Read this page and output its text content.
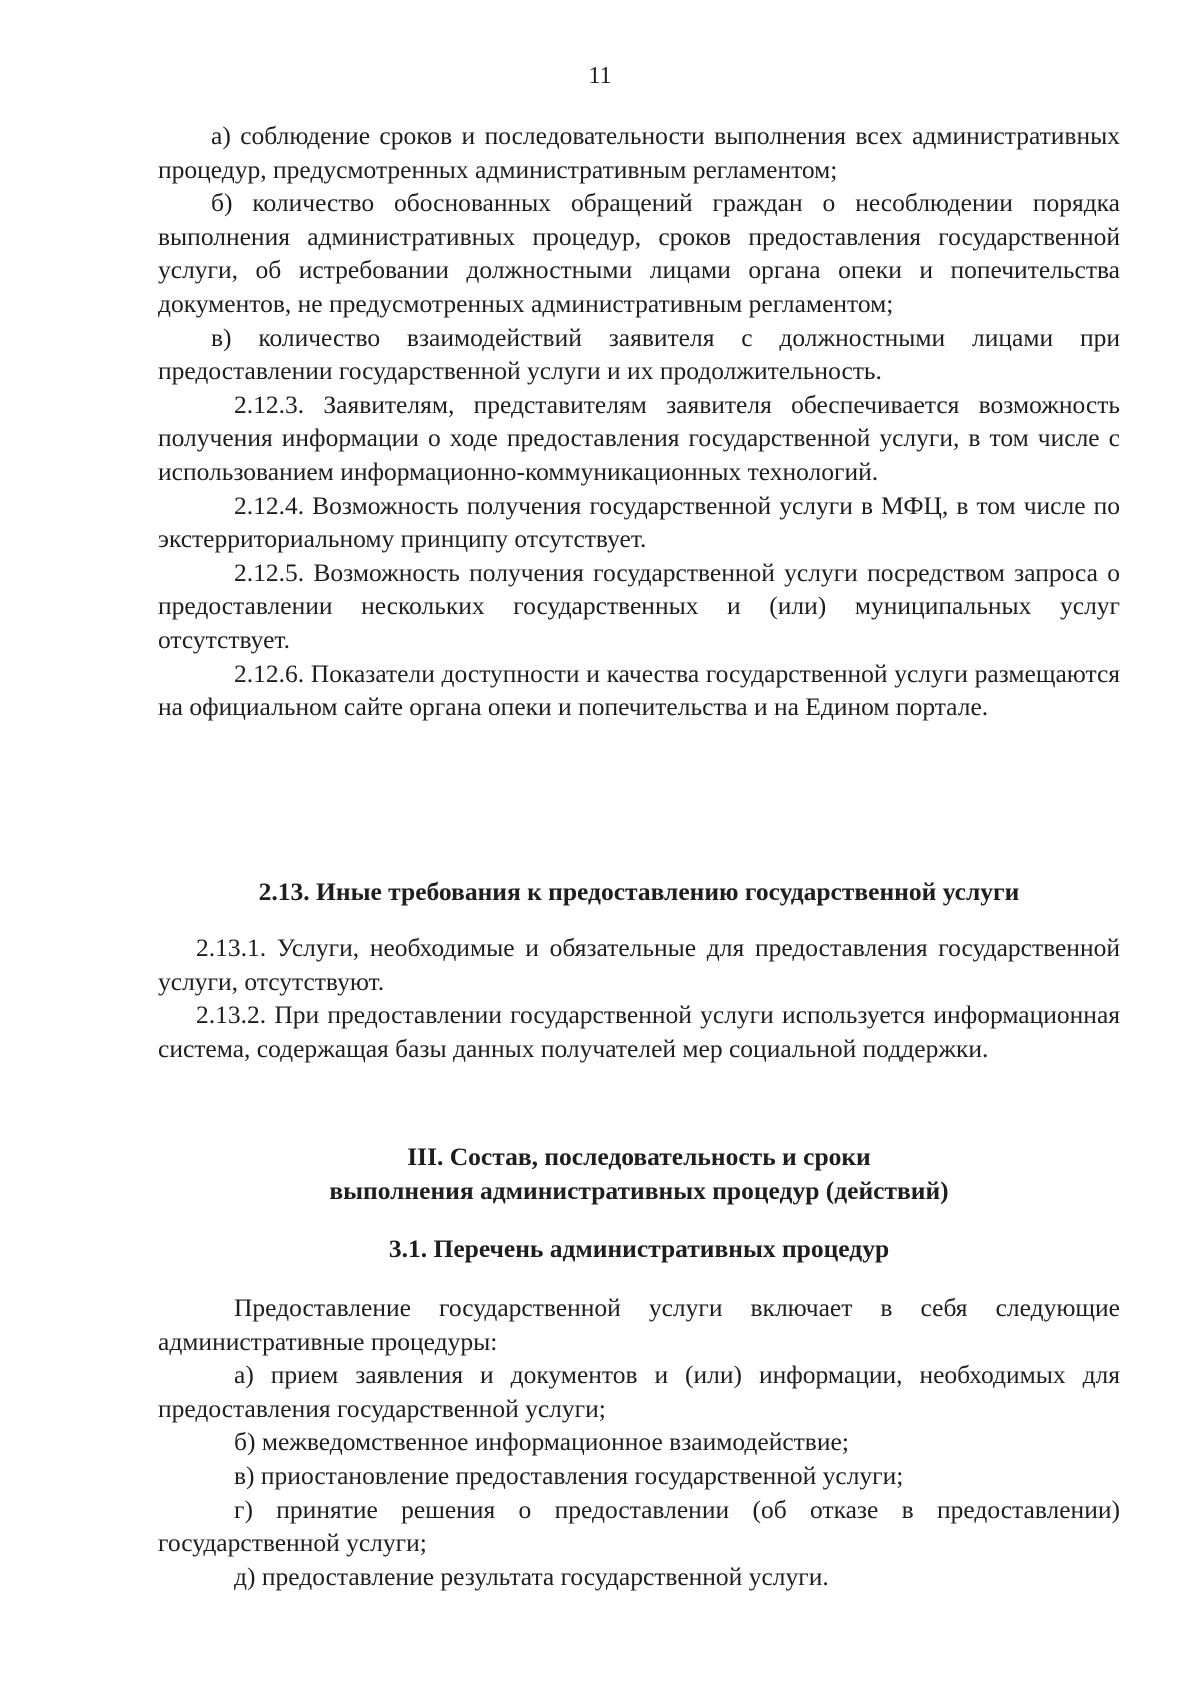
11

а) соблюдение сроков и последовательности выполнения всех административных процедур, предусмотренных административным регламентом;

б) количество обоснованных обращений граждан о несоблюдении порядка выполнения административных процедур, сроков предоставления государственной услуги, об истребовании должностными лицами органа опеки и попечительства документов, не предусмотренных административным регламентом;

в) количество взаимодействий заявителя с должностными лицами при предоставлении государственной услуги и их продолжительность.

2.12.3. Заявителям, представителям заявителя обеспечивается возможность получения информации о ходе предоставления государственной услуги, в том числе с использованием информационно-коммуникационных технологий.

2.12.4. Возможность получения государственной услуги в МФЦ, в том числе по экстерриториальному принципу отсутствует.

2.12.5. Возможность получения государственной услуги посредством запроса о предоставлении нескольких государственных и (или) муниципальных услуг отсутствует.

2.12.6. Показатели доступности и качества государственной услуги размещаются на официальном сайте органа опеки и попечительства и на Едином портале.

2.13. Иные требования к предоставлению государственной услуги

2.13.1. Услуги, необходимые и обязательные для предоставления государственной услуги, отсутствуют.

2.13.2. При предоставлении государственной услуги используется информационная система, содержащая базы данных получателей мер социальной поддержки.

III. Состав, последовательность и сроки
выполнения административных процедур (действий)
3.1. Перечень административных процедур

Предоставление государственной услуги включает в себя следующие административные процедуры:

а) прием заявления и документов и (или) информации, необходимых для предоставления государственной услуги;

б) межведомственное информационное взаимодействие;

в) приостановление предоставления государственной услуги;

г) принятие решения о предоставлении (об отказе в предоставлении) государственной услуги;

д) предоставление результата государственной услуги.
